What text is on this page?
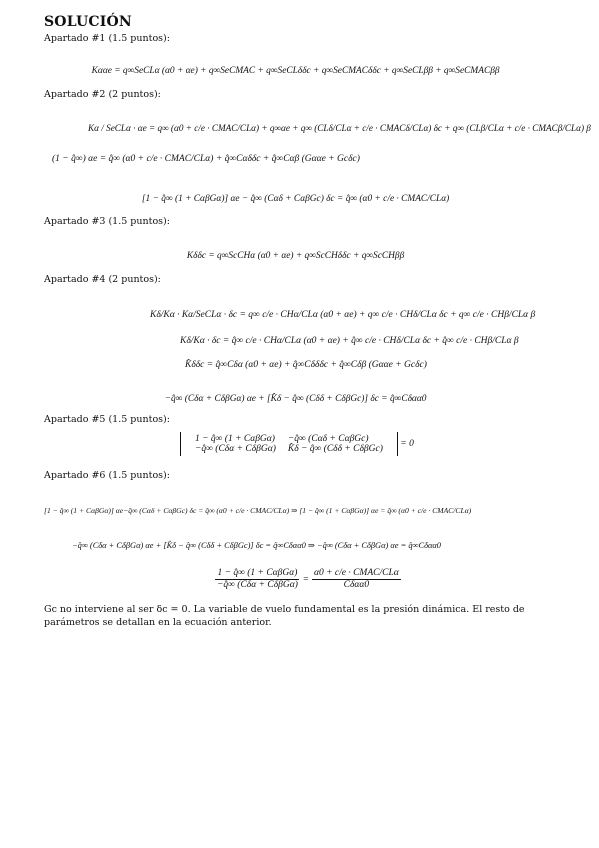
SOLUCIÓN
Apartado #1 (1.5 puntos):
Kααe = q∞SeCLα (α0 + αe) + q∞SeCMAC + q∞SeCLδδc + q∞SeCMACδδc + q∞SeCLββ + q∞SeCMACββ
Apartado #2 (2 puntos):
Kα / SeCLα · αe = q∞ (α0 + c/e · CMAC/CLα) + q∞αe + q∞ (CLδ/CLα + c/e · CMACδ/CLα) δc + q∞ (CLβ/CLα + c/e · CMACβ/CLα) β
(1 − q̂∞) αe = q̂∞ (α0 + c/e · CMAC/CLα) + q̂∞Cαδδc + q̂∞Cαβ (Gααe + Gcδc)
[1 − q̂∞ (1 + CαβGα)] αe − q̂∞ (Cαδ + CαβGc) δc = q̂∞ (α0 + c/e · CMAC/CLα)
Apartado #3 (1.5 puntos):
Kδδc = q∞ScCHα (α0 + αe) + q∞ScCHδδc + q∞ScCHββ
Apartado #4 (2 puntos):
Kδ/Kα · Kα/SeCLα · δc = q∞ c/e · CHα/CLα (α0 + αe) + q∞ c/e · CHδ/CLα δc + q∞ c/e · CHβ/CLα β
Kδ/Kα · δc = q̂∞ c/e · CHα/CLα (α0 + αe) + q̂∞ c/e · CHδ/CLα δc + q̂∞ c/e · CHβ/CLα β
K̂δδc = q̂∞Cδα (α0 + αe) + q̂∞Cδδδc + q̂∞Cδβ (Gααe + Gcδc)
−q̂∞ (Cδα + CδβGα) αe + [K̂δ − q̂∞ (Cδδ + CδβGc)] δc = q̂∞Cδαα0
Apartado #5 (1.5 puntos):
1 − q̂∞ (1 + CαβGα)	−q̂∞ (Cαδ + CαβGc)
−q̂∞ (Cδα + CδβGα)	K̂δ − q̂∞ (Cδδ + CδβGc) = 0
Apartado #6 (1.5 puntos):
[1 − q̂∞ (1 + CαβGα)] αe−q̂∞ (Cαδ + CαβGc) δc = q̂∞ (α0 + c/e · CMAC/CLα) ⇒ [1 − q̂∞ (1 + CαβGα)] αe = q̂∞ (α0 + c/e · CMAC/CLα)
−q̂∞ (Cδα + CδβGα) αe + [K̂δ − q̂∞ (Cδδ + CδβGc)] δc = q̂∞Cδαα0 ⇒ −q̂∞ (Cδα + CδβGα) αe = q̂∞Cδαα0
$\frac{\text{1 − q̂∞ (1 + CαβGα)}}{\text{−q̂∞ (Cδα + CδβGα)}} = \frac{\text{α0 + c/e · CMAC/CLα}}{\text{Cδαα0}}$
Gc no interviene al ser δc = 0. La variable de vuelo fundamental es la presión dinámica. El resto de parámetros se detallan en la ecuación anterior.
